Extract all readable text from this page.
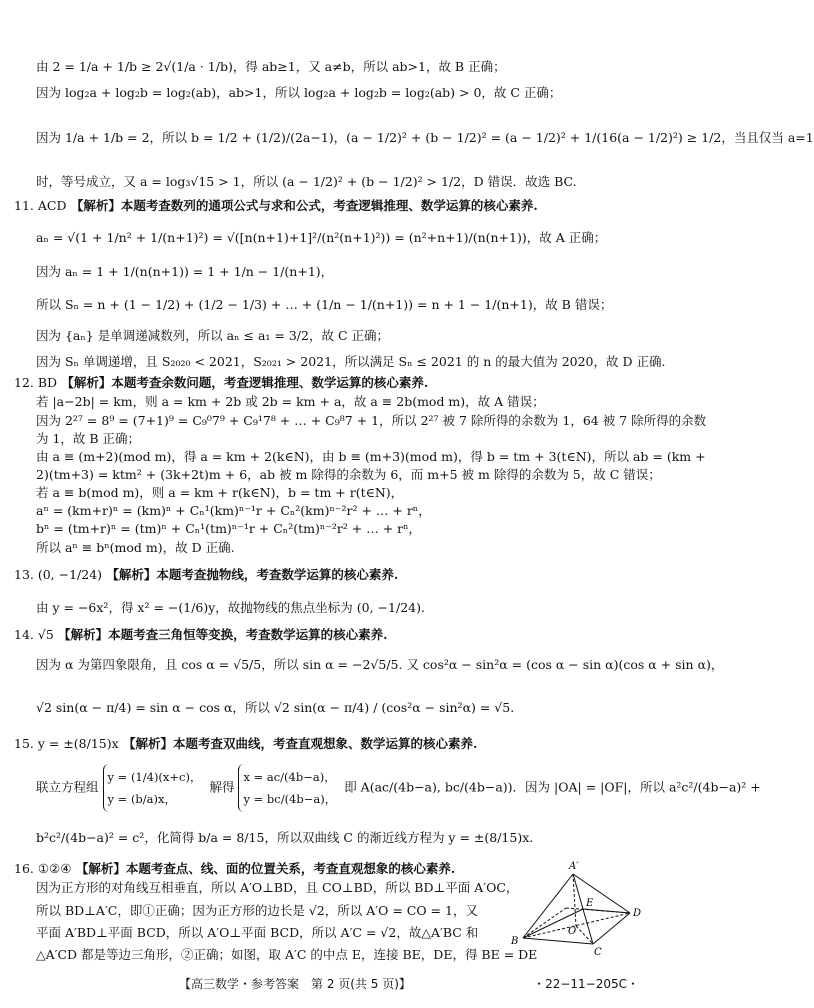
由 2 = 1/a + 1/b ≥ 2√(1/a · 1/b)，得 ab≥1，又 a≠b，所以 ab>1，故 B 正确；
因为 log₂a + log₂b = log₂(ab)，ab>1，所以 log₂a + log₂b = log₂(ab) > 0，故 C 正确；
因为 1/a + 1/b = 2，所以 b = 1/2 + (1/2)/(2a−1)，(a − 1/2)² + (b − 1/2)² = (a − 1/2)² + 1/(16(a − 1/2)²) ≥ 1/2，当且仅当 a=1
时，等号成立，又 a = log₃√15 > 1，所以 (a − 1/2)² + (b − 1/2)² > 1/2，D 错误．故选 BC.
11. ACD 【解析】本题考查数列的通项公式与求和公式，考查逻辑推理、数学运算的核心素养.
aₙ = √(1 + 1/n² + 1/(n+1)²) = √([n(n+1)+1]²/(n²(n+1)²)) = (n²+n+1)/(n(n+1))，故 A 正确；
因为 aₙ = 1 + 1/(n(n+1)) = 1 + 1/n − 1/(n+1)，
所以 Sₙ = n + (1 − 1/2) + (1/2 − 1/3) + … + (1/n − 1/(n+1)) = n + 1 − 1/(n+1)，故 B 错误；
因为 {aₙ} 是单调递减数列，所以 aₙ ≤ a₁ = 3/2，故 C 正确；
因为 Sₙ 单调递增，且 S₂₀₂₀ < 2021，S₂₀₂₁ > 2021，所以满足 Sₙ ≤ 2021 的 n 的最大值为 2020，故 D 正确.
12. BD 【解析】本题考查余数问题，考查逻辑推理、数学运算的核心素养.
若 |a−2b| = km，则 a = km + 2b 或 2b = km + a，故 a ≡ 2b(mod m)，故 A 错误；
因为 2²⁷ = 8⁹ = (7+1)⁹ = C₉⁰7⁹ + C₉¹7⁸ + … + C₉⁸7 + 1，所以 2²⁷ 被 7 除所得的余数为 1，64 被 7 除所得的余数
为 1，故 B 正确；
由 a ≡ (m+2)(mod m)，得 a = km + 2(k∈N)，由 b ≡ (m+3)(mod m)，得 b = tm + 3(t∈N)，所以 ab = (km +
2)(tm+3) = ktm² + (3k+2t)m + 6，ab 被 m 除得的余数为 6，而 m+5 被 m 除得的余数为 5，故 C 错误；
若 a ≡ b(mod m)，则 a = km + r(k∈N)，b = tm + r(t∈N)，
aⁿ = (km+r)ⁿ = (km)ⁿ + Cₙ¹(km)ⁿ⁻¹r + Cₙ²(km)ⁿ⁻²r² + … + rⁿ，
bⁿ = (tm+r)ⁿ = (tm)ⁿ + Cₙ¹(tm)ⁿ⁻¹r + Cₙ²(tm)ⁿ⁻²r² + … + rⁿ，
所以 aⁿ ≡ bⁿ(mod m)，故 D 正确.
13. (0, −1/24) 【解析】本题考查抛物线，考查数学运算的核心素养.
由 y = −6x²，得 x² = −(1/6)y，故抛物线的焦点坐标为 (0, −1/24).
14. √5 【解析】本题考查三角恒等变换，考查数学运算的核心素养.
因为 α 为第四象限角，且 cos α = √5/5，所以 sin α = −2√5/5. 又 cos²α − sin²α = (cos α − sin α)(cos α + sin α)，
√2 sin(α − π/4) = sin α − cos α，所以 √2 sin(α − π/4) / (cos²α − sin²α) = √5.
15. y = ±(8/15)x 【解析】本题考查双曲线，考查直观想象、数学运算的核心素养.
联立方程组 y = (1/4)(x+c)，
y = (b/a)x， 解得 x = ac/(4b−a)，
y = bc/(4b−a)， 即 A(ac/(4b−a), bc/(4b−a))．因为 |OA| = |OF|，所以 a²c²/(4b−a)² +
b²c²/(4b−a)² = c²，化简得 b/a = 8/15，所以双曲线 C 的渐近线方程为 y = ±(8/15)x.
16. ①②④ 【解析】本题考查点、线、面的位置关系，考查直观想象的核心素养.
因为正方形的对角线互相垂直，所以 A′O⊥BD，且 CO⊥BD，所以 BD⊥平面 A′OC，
所以 BD⊥A′C，即①正确；因为正方形的边长是 √2，所以 A′O = CO = 1，又
平面 A′BD⊥平面 BCD，所以 A′O⊥平面 BCD，所以 A′C = √2，故△A′BC 和
△A′CD 都是等边三角形，②正确；如图，取 A′C 的中点 E，连接 BE，DE，得 BE = DE
A′
E
D
O
B
C
【高三数学・参考答案　第 2 页(共 5 页)】	・22−11−205C・
